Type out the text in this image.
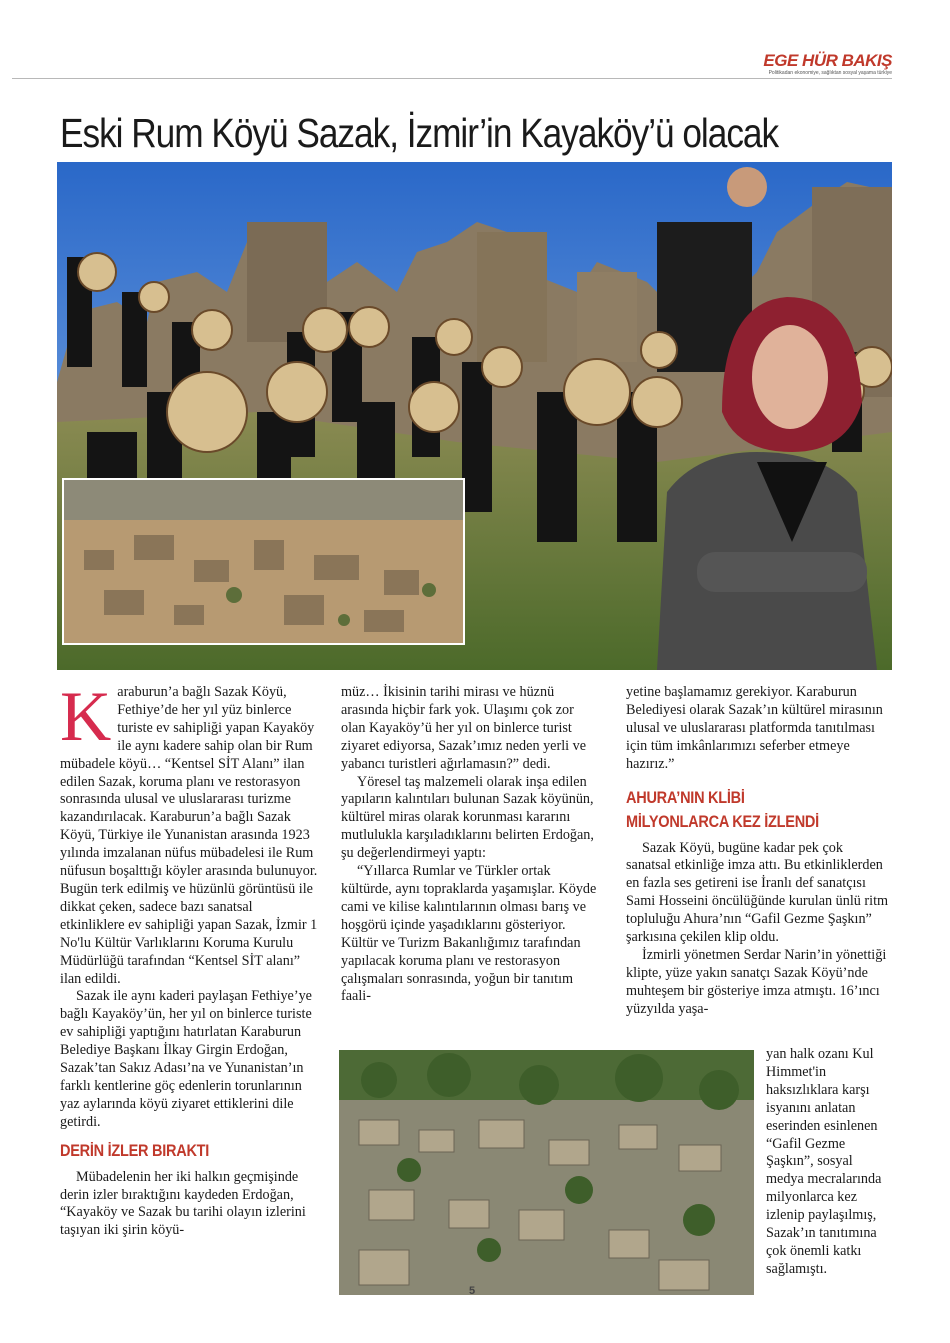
EGE HÜR BAKIŞ
Politikadan ekonomiye, sağlıktan sosyal yaşama türkiye
Eski Rum Köyü Sazak, İzmir’in Kayaköy’ü olacak
K araburun’a bağlı Sazak Köyü, Fethiye’de her yıl yüz binlerce turiste ev sahipliği yapan Kayaköy ile aynı kadere sahip olan bir Rum mübadele köyü… “Kentsel SİT Alanı” ilan edilen Sazak, koruma planı ve restorasyon sonrasında ulusal ve uluslararası turizme kazandırılacak. Karaburun’a bağlı Sazak Köyü, Türkiye ile Yunanistan arasında 1923 yılında imzalanan nüfus mübadelesi ile Rum nüfusun boşalttığı köyler arasında bulunuyor. Bugün terk edilmiş ve hüzünlü görüntüsü ile dikkat çeken, sadece bazı sanatsal etkinliklere ev sahipliği yapan Sazak, İzmir 1 No'lu Kültür Varlıklarını Koruma Kurulu Müdürlüğü tarafından “Kentsel SİT alanı” ilan edildi.

Sazak ile aynı kaderi paylaşan Fethiye’ye bağlı Kayaköy’ün, her yıl on binlerce turiste ev sahipliği yaptığını hatırlatan Karaburun Belediye Başkanı İlkay Girgin Erdoğan, Sazak’tan Sakız Adası’na ve Yunanistan’ın farklı kentlerine göç edenlerin torunlarının yaz aylarında köyü ziyaret ettiklerini dile getirdi.

DERİN İZLER BIRAKTI

Mübadelenin her iki halkın geçmişinde derin izler bıraktığını kaydeden Erdoğan, “Kayaköy ve Sazak bu tarihi olayın izlerini taşıyan iki şirin köyü-

müz… İkisinin tarihi mirası ve hüznü arasında hiçbir fark yok. Ulaşımı çok zor olan Kayaköy’ü her yıl on binlerce turist ziyaret ediyorsa, Sazak’ımız neden yerli ve yabancı turistleri ağırlamasın?” dedi.

Yöresel taş malzemeli olarak inşa edilen yapıların kalıntıları bulunan Sazak köyünün, kültürel miras olarak korunması kararını mutlulukla karşıladıklarını belirten Erdoğan, şu değerlendirmeyi yaptı:

“Yıllarca Rumlar ve Türkler ortak kültürde, aynı topraklarda yaşamışlar. Köyde cami ve kilise kalıntılarının olması barış ve hoşgörü içinde yaşadıklarını gösteriyor. Kültür ve Turizm Bakanlığımız tarafından yapılacak koruma planı ve restorasyon çalışmaları sonrasında, yoğun bir tanıtım faali-

yetine başlamamız gerekiyor. Karaburun Belediyesi olarak Sazak’ın kültürel mirasının ulusal ve uluslararası platformda tanıtılması için tüm imkânlarımızı seferber etmeye hazırız.”

AHURA’NIN KLİBİ
MİLYONLARCA KEZ İZLENDİ

Sazak Köyü, bugüne kadar pek çok sanatsal etkinliğe imza attı. Bu etkinliklerden en fazla ses getireni ise İranlı def sanatçısı Sami Hosseini öncülüğünde kurulan ünlü ritm topluluğu Ahura’nın “Gafil Gezme Şaşkın” şarkısına çekilen klip oldu.

İzmirli yönetmen Serdar Narin’in yönettiği klipte, yüze yakın sanatçı Sazak Köyü’nde muhteşem bir gösteriye imza atmıştı. 16’ıncı yüzyılda yaşa-

yan halk ozanı Kul Himmet'in haksızlıklara karşı isyanını anlatan eserinden esinlenen “Gafil Gezme Şaşkın”, sosyal medya mecralarında milyonlarca kez izlenip paylaşılmış, Sazak’ın tanıtımına çok önemli katkı sağlamıştı.

5
